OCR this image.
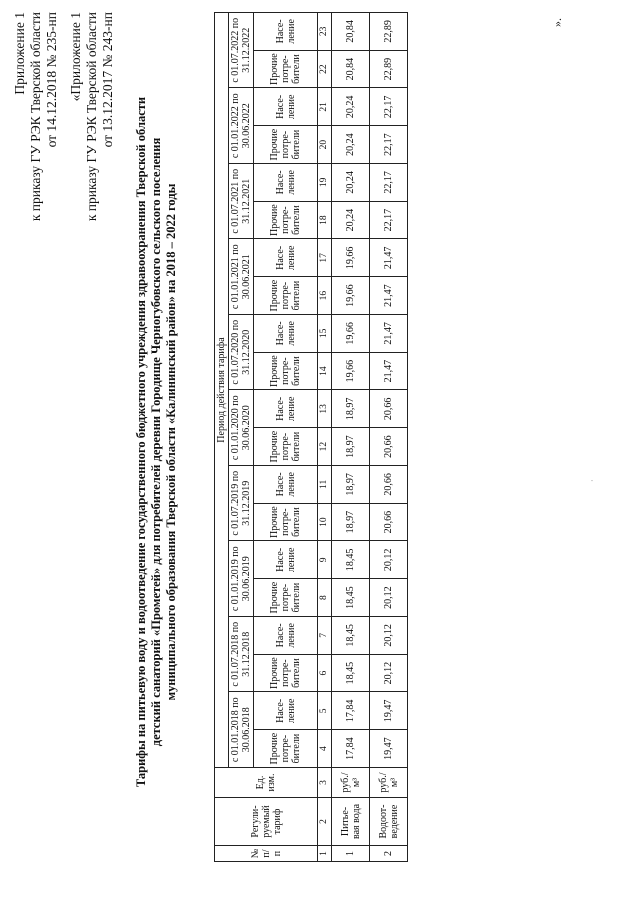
Приложение 1 к приказу ГУ РЭК Тверской области от 14.12.2018 № 235-нп «Приложение 1 к приказу ГУ РЭК Тверской области от 13.12.2017 № 243-нп
Тарифы на питьевую воду и водоотведение государственного бюджетного учреждения здравоохранения Тверской области детский санаторий «Прометей» для потребителей деревни Городище Черногубовского сельского поселения муниципального образования Тверской области «Калининский район» на 2018 – 2022 годы
№ п/ п	Регули- руемый тариф	Ед. изм.	Период действия тарифа																			
			с 01.01.2018 по 30.06.2018		с 01.07.2018 по 31.12.2018		с 01.01.2019 по 30.06.2019		с 01.07.2019 по 31.12.2019		с 01.01.2020 по 30.06.2020		с 01.07.2020 по 31.12.2020		с 01.01.2021 по 30.06.2021		с 01.07.2021 по 31.12.2021		с 01.01.2022 по 30.06.2022		с 01.07.2022 по 31.12.2022	
			Прочие потре- бители	Насе- ление	Прочие потре- бители	Насе- ление	Прочие потре- бители	Насе- ление	Прочие потре- бители	Насе- ление	Прочие потре- бители	Насе- ление	Прочие потре- бители	Насе- ление	Прочие потре- бители	Насе- ление	Прочие потре- бители	Насе- ление	Прочие потре- бители	Насе- ление	Прочие потре- бители	Насе- ление
1	2	3	4	5	6	7	8	9	10	11	12	13	14	15	16	17	18	19	20	21	22	23
1	Питье- вая вода	руб./ м³	17,84	17,84	18,45	18,45	18,45	18,45	18,97	18,97	18,97	18,97	19,66	19,66	19,66	19,66	20,24	20,24	20,24	20,24	20,84	20,84
2	Водоот- ведение	руб./ м³	19,47	19,47	20,12	20,12	20,12	20,12	20,66	20,66	20,66	20,66	21,47	21,47	21,47	21,47	22,17	22,17	22,17	22,17	22,89	22,89	».
·
